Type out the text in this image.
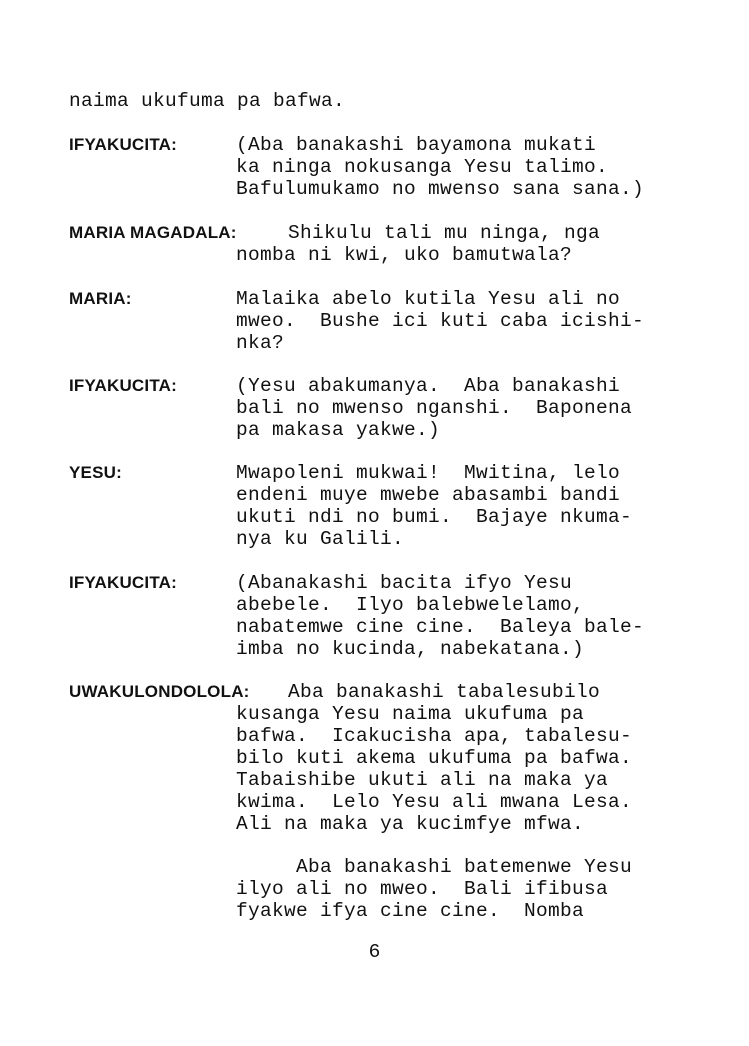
naima ukufuma pa bafwa.
IFYAKUCITA:	(Aba banakashi bayamona mukati
ka ninga nokusanga Yesu talimo.
Bafulumukamo no mwenso sana sana.)
MARIA MAGADALA:	Shikulu tali mu ninga, nga
nomba ni kwi, uko bamutwala?
MARIA:	Malaika abelo kutila Yesu ali no
mweo.  Bushe ici kuti caba icishi-
nka?
IFYAKUCITA:	(Yesu abakumanya.  Aba banakashi
bali no mwenso nganshi.  Baponena
pa makasa yakwe.)
YESU:	Mwapoleni mukwai!  Mwitina, lelo
endeni muye mwebe abasambi bandi
ukuti ndi no bumi.  Bajaye nkuma-
nya ku Galili.
IFYAKUCITA:	(Abanakashi bacita ifyo Yesu
abebele.  Ilyo balebwelelamo,
nabatemwe cine cine.  Baleya bale-
imba no kucinda, nabekatana.)
UWAKULONDOLOLA: Aba banakashi tabalesubilo
kusanga Yesu naima ukufuma pa
bafwa.  Icakucisha apa, tabalesu-
bilo kuti akema ukufuma pa bafwa.
Tabaishibe ukuti ali na maka ya
kwima.  Lelo Yesu ali mwana Lesa.
Ali na maka ya kucimfye mfwa.
Aba banakashi batemenwe Yesu
ilyo ali no mweo.  Bali ifibusa
fyakwe ifya cine cine.  Nomba
6
